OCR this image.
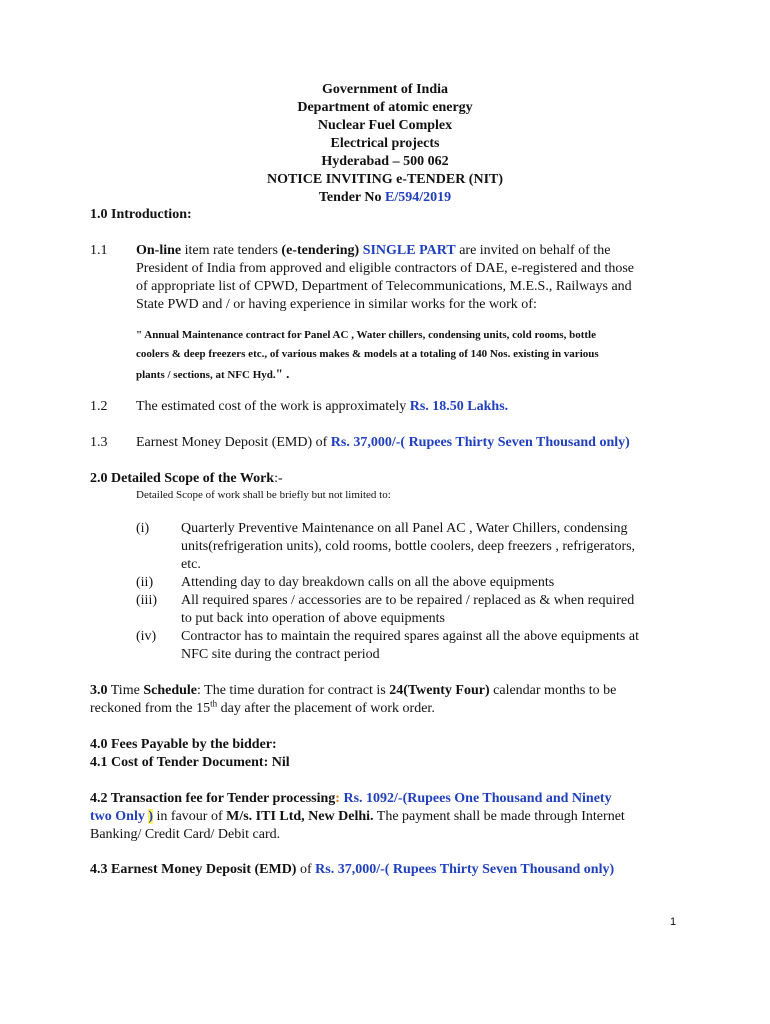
Government of India
Department of atomic energy
Nuclear Fuel Complex
Electrical projects
Hyderabad – 500 062
NOTICE INVITING e-TENDER (NIT)
Tender No E/594/2019
1.0 Introduction:
1.1 On-line item rate tenders (e-tendering) SINGLE PART are invited on behalf of the
President of India from approved and eligible contractors of DAE, e-registered and those
of appropriate list of CPWD, Department of Telecommunications, M.E.S., Railways and
State PWD and / or having experience in similar works for the work of:
" Annual Maintenance contract for Panel AC , Water chillers, condensing units, cold rooms, bottle
coolers & deep freezers etc., of various makes & models at a totaling of 140 Nos. existing in various
plants / sections, at NFC Hyd." .
1.2 The estimated cost of the work is approximately Rs. 18.50 Lakhs.
1.3 Earnest Money Deposit (EMD) of Rs. 37,000/-( Rupees Thirty Seven Thousand only)
2.0 Detailed Scope of the Work:-
Detailed Scope of work shall be briefly but not limited to:
(i)	Quarterly Preventive Maintenance on all Panel AC , Water Chillers, condensing
units(refrigeration units), cold rooms, bottle coolers, deep freezers , refrigerators,
etc.
(ii)	Attending day to day breakdown calls on all the above equipments
(iii)	All required spares / accessories are to be repaired / replaced as & when required
to put back into operation of above equipments
(iv)	Contractor has to maintain the required spares against all the above equipments at
NFC site during the contract period
3.0 Time Schedule: The time duration for contract is 24(Twenty Four) calendar months to be
reckoned from the 15th day after the placement of work order.
4.0 Fees Payable by the bidder:
4.1 Cost of Tender Document: Nil
4.2 Transaction fee for Tender processing: Rs. 1092/-(Rupees One Thousand and Ninety
two Only ) in favour of M/s. ITI Ltd, New Delhi. The payment shall be made through Internet
Banking/ Credit Card/ Debit card.
4.3 Earnest Money Deposit (EMD) of Rs. 37,000/-( Rupees Thirty Seven Thousand only)
1
